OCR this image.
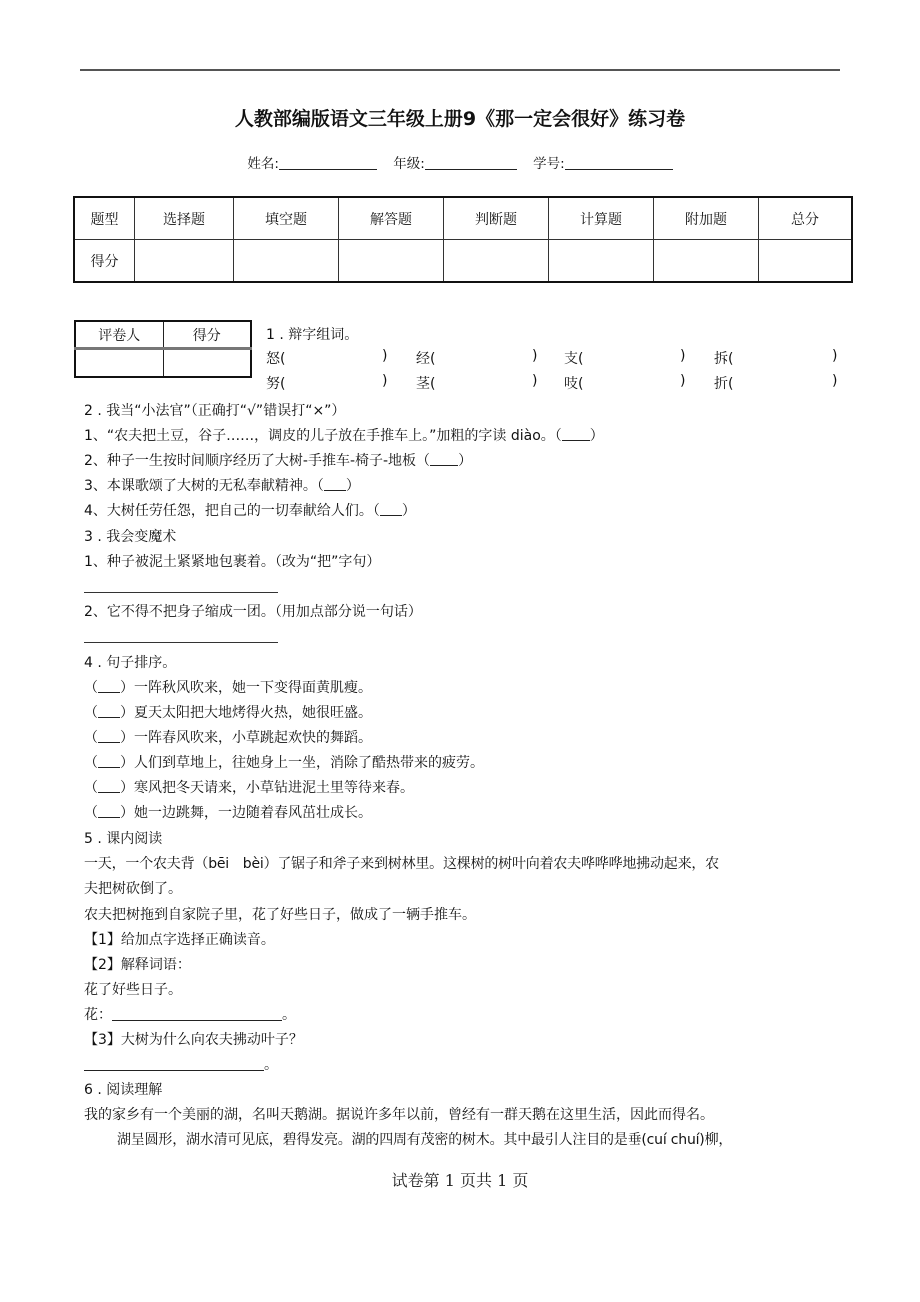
人教部编版语文三年级上册9《那一定会很好》练习卷
姓名:	年级:	学号:
题型	选择题	填空题	解答题	判断题	计算题	附加题	总分
得分							
评卷人	得分
		1 . 辩字组词。
怒(	) 经(	) 支(	) 拆(	)
努(	) 茎(	) 吱(	) 折(	)
2 . 我当“小法官”（正确打“√”错误打“×”）
1、“农夫把土豆，谷子……，调皮的儿子放在手推车上。”加粗的字读 diào。（ ）
2、种子一生按时间顺序经历了大树-手推车-椅子-地板（ ）
3、本课歌颂了大树的无私奉献精神。（ ）
4、大树任劳任怨，把自己的一切奉献给人们。（ ）
3 . 我会变魔术
1、种子被泥土紧紧地包裹着。（改为“把”字句）
2、它不得不把身子缩成一团。（用加点部分说一句话）
4 . 句子排序。
（ ）一阵秋风吹来，她一下变得面黄肌瘦。
（ ）夏天太阳把大地烤得火热，她很旺盛。
（ ）一阵春风吹来，小草跳起欢快的舞蹈。
（ ）人们到草地上，往她身上一坐，消除了酷热带来的疲劳。
（ ）寒风把冬天请来，小草钻进泥土里等待来春。
（ ）她一边跳舞，一边随着春风茁壮成长。
5 . 课内阅读
一天，一个农夫背（bēi　bèi）了锯子和斧子来到树林里。这棵树的树叶向着农夫哗哗哗地拂动起来，农
夫把树砍倒了。
农夫把树拖到自家院子里，花了好些日子，做成了一辆手推车。
【1】给加点字选择正确读音。
【2】解释词语：
花了好些日子。
花：	。
【3】大树为什么向农夫拂动叶子？
。
6 . 阅读理解
我的家乡有一个美丽的湖，名叫天鹅湖。据说许多年以前，曾经有一群天鹅在这里生活，因此而得名。
湖呈圆形，湖水清可见底，碧得发亮。湖的四周有茂密的树木。其中最引人注目的是垂(cuí chuí)柳，
试卷第 1 页共 1 页
